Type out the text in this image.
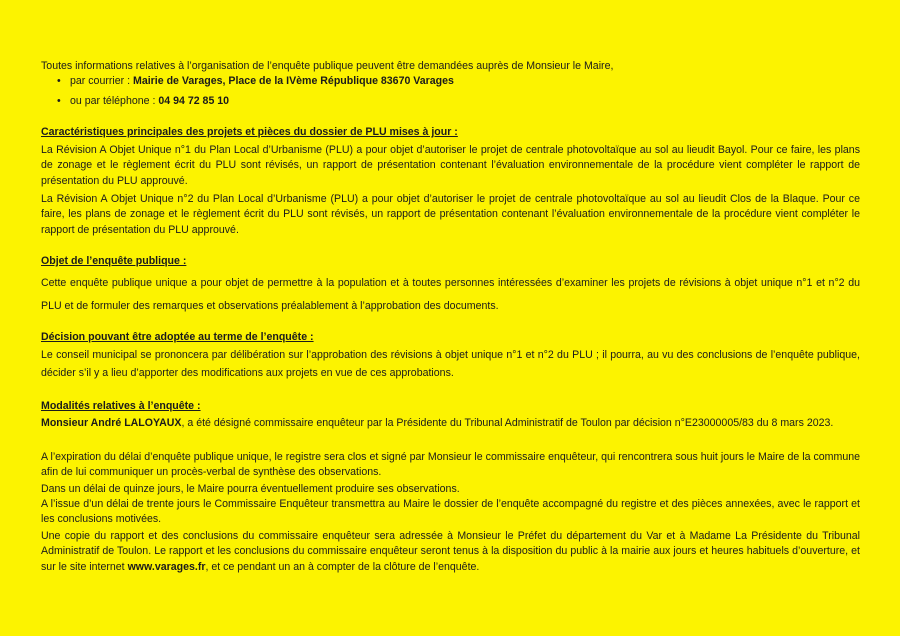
Toutes informations relatives à l’organisation de l’enquête publique peuvent être demandées auprès de Monsieur le Maire,
• par courrier : Mairie de Varages, Place de la IVème République 83670 Varages
• ou par téléphone : 04 94 72 85 10
Caractéristiques principales des projets et pièces du dossier de PLU mises à jour :
La Révision A Objet Unique n°1 du Plan Local d’Urbanisme (PLU) a pour objet d’autoriser le projet de centrale photovoltaïque au sol au lieudit Bayol. Pour ce faire, les plans de zonage et le règlement écrit du PLU sont révisés, un rapport de présentation contenant l’évaluation environnementale de la procédure vient compléter le rapport de présentation du PLU approuvé.
La Révision A Objet Unique n°2 du Plan Local d’Urbanisme (PLU) a pour objet d’autoriser le projet de centrale photovoltaïque au sol au lieudit Clos de la Blaque. Pour ce faire, les plans de zonage et le règlement écrit du PLU sont révisés, un rapport de présentation contenant l’évaluation environnementale de la procédure vient compléter le rapport de présentation du PLU approuvé.
Objet de l’enquête publique :
Cette enquête publique unique a pour objet de permettre à la population et à toutes personnes intéressées d’examiner les projets de révisions à objet unique n°1 et n°2 du PLU et de formuler des remarques et observations préalablement à l’approbation des documents.
Décision pouvant être adoptée au terme de l’enquête :
Le conseil municipal se prononcera par délibération sur l’approbation des révisions à objet unique n°1 et n°2 du PLU ; il pourra, au vu des conclusions de l’enquête publique, décider s’il y a lieu d’apporter des modifications aux projets en vue de ces approbations.
Modalités relatives à l’enquête :
Monsieur André LALOYAUX, a été désigné commissaire enquêteur par la Présidente du Tribunal Administratif de Toulon par décision n°E23000005/83 du 8 mars 2023.
A l’expiration du délai d’enquête publique unique, le registre sera clos et signé par Monsieur le commissaire enquêteur, qui rencontrera sous huit jours le Maire de la commune afin de lui communiquer un procès-verbal de synthèse des observations.
Dans un délai de quinze jours, le Maire pourra éventuellement produire ses observations.
A l’issue d’un délai de trente jours le Commissaire Enquêteur transmettra au Maire le dossier de l’enquête accompagné du registre et des pièces annexées, avec le rapport et les conclusions motivées.
Une copie du rapport et des conclusions du commissaire enquêteur sera adressée à Monsieur le Préfet du département du Var et à Madame La Présidente du Tribunal Administratif de Toulon. Le rapport et les conclusions du commissaire enquêteur seront tenus à la disposition du public à la mairie aux jours et heures habituels d’ouverture, et sur le site internet www.varages.fr, et ce pendant un an à compter de la clôture de l’enquête.
